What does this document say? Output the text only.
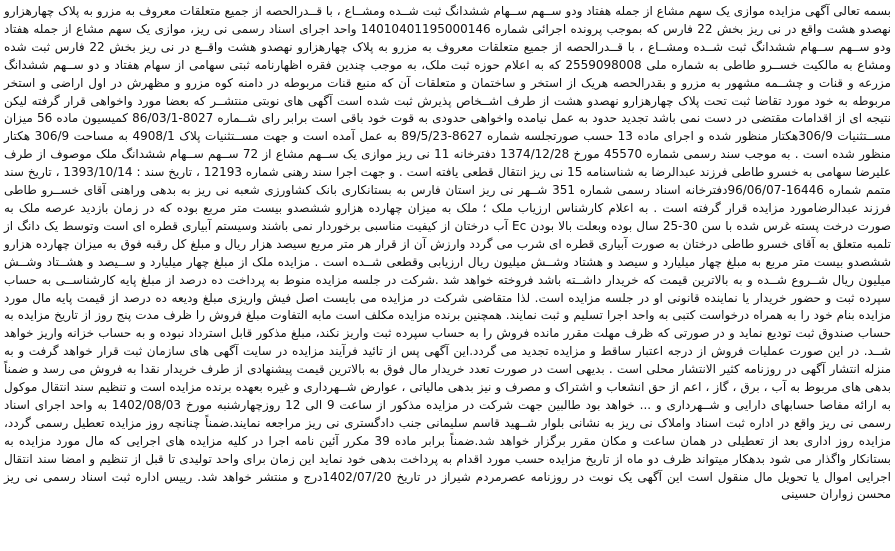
بسمه تعالی آگهی مزایده موازی یک سهم مشاع از جمله هفتاد ودو ســهم ســهام ششدانگ ثبت شــده ومشــاع ، با قــدرالحصه از جمیع متعلقات معروف به مزرو به پلاک چهارهزارو نهصدو هشت واقع در نی ریز بخش 22 فارس که بموجب پرونده اجرائی شماره 14010401195000146 واحد اجرای اسناد رسمی نی ریز، موازی یک سهم مشاع از جمله هفتاد ودو ســهم ســهام ششدانگ ثبت شــده ومشــاع ، با قــدرالحصه از جمیع متعلقات معروف به مزرو به پلاک چهارهزارو نهصدو هشت واقــع در نی ریز بخش 22 فارس ثبت شده ومشاع به مالکیت خســرو طاطی به شماره ملی 2559098008 که به اعلام حوزه ثبت ملک، به موجب چندین فقره اظهارنامه ثبتی سهامی از سهام هفتاد و دو ســهم ششدانگ مزرعه و قنات و چشــمه مشهور به مزرو و بقدرالحصه هریک از استخر و ساختمان و متعلقات آن که منبع قنات مربوطه در دامنه کوه مزرو و مظهرش در اول اراضی و استخر مربوطه به خود مورد تقاضا ثبت تحت پلاک چهارهزارو نهصدو هشت از طرف اشــخاص پذیرش ثبت شده است آگهی های نوبتی منتشــر که بعضا مورد واخواهی قرار گرفته لیکن نتیجه ای از اقدامات مقتضی در دست نمی باشد تجدید حدود به عمل نیامده واخواهی حدودی به قوت خود باقی است برابر رای شــماره 8027-86/03/1 کمیسیون ماده 56 میزان مســتثنیات 306/9هکتار منظور شده و اجرای ماده 13 حسب صورتجلسه شماره 8627-89/5/23 به عمل آمده است و جهت مســتثنیات پلاک 4908/1 به مساحت 306/9 هکتار منظور شده است . به موجب سند رسمی شماره 45570 مورخ 1374/12/28 دفترخانه 11 نی ریز موازی یک ســهم مشاع از 72 ســهم ســهام ششدانگ ملک موصوف از طرف علیرضا سهامی به خسرو طاطی فرزند عبدالرضا به شناسنامه 15 نی ریز انتقال قطعی یافته است . و جهت اجرا سند رهنی شماره 12193 ، تاریخ سند : 1393/10/14 ، تاریخ سند متمم شماره 16446-96/06/07دفترخانه اسناد رسمی شماره 351 شــهر نی ریز استان فارس به بستانکاری بانک کشاورزی شعبه نی ریز به بدهی وراهنی آقای خســرو طاطی فرزند عبدالرضامورد مزایده قرار گرفته است . به اعلام کارشناس ارزیاب ملک ؛ ملک به میزان چهارده هزارو ششصدو بیست متر مربع بوده که در زمان بازدید عرصه ملک به صورت درخت پسته غرس شده با سن 30-25 سال بوده وبعلت بالا بودن Ec آب درختان از کیفیت مناسبی برخوردار نمی باشند وسیستم آبیاری قطره ای است وتوسط یک دانگ از تلمبه متعلق به آقای خسرو طاطی درختان به صورت آبیاری قطره ای شرب می گردد وارزش آن از قرار هر متر مربع سیصد هزار ریال و مبلغ کل رقبه فوق به میزان چهارده هزارو ششصدو بیست متر مربع به مبلغ چهار میلیارد و سیصد و هشتاد وشــش میلیون ریال ارزیابی وقطعی شــده است . مزایده ملک از مبلغ چهار میلیارد و ســیصد و هشــتاد وشــش میلیون ریال شــروع شــده و به بالاترین قیمت که خریدار داشــته باشد فروخته خواهد شد .شرکت در جلسه مزایده منوط به پرداخت ده درصد از مبلغ پایه کارشناســی به حساب سپرده ثبت و حضور خریدار یا نماینده قانونی او در جلسه مزایده است. لذا متقاضی شرکت در مزایده می بایست اصل فیش واریزی مبلغ ودیعه ده درصد از قیمت پایه مال مورد مزایده بنام خود را به همراه درخواست کتبی به واحد اجرا تسلیم و ثبت نمایند. همچنین برنده مزایده مکلف است مابه التفاوت مبلغ فروش را ظرف مدت پنج روز از تاریخ مزایده به حساب صندوق ثبت تودیع نماید و در صورتی که ظرف مهلت مقرر مانده فروش را به حساب سپرده ثبت واریز نکند، مبلغ مذکور قابل استرداد نبوده و به حساب خزانه واریز خواهد شــد. در این صورت عملیات فروش از درجه اعتبار ساقط و مزایده تجدید می گردد.این آگهی پس از تائید فرآیند مزایده در سایت آگهی های سازمان ثبت قرار خواهد گرفت و به منزله انتشار آگهی در روزنامه کثیر الانتشار محلی است . بدیهی است در صورت تعدد خریدار مال فوق به بالاترین قیمت پیشنهادی از طرف خریدار نقدا به فروش می رسد و ضمناً بدهی های مربوط به آب ، برق ، گاز ، اعم از حق انشعاب و اشتراک و مصرف و نیز بدهی مالیاتی ، عوارض شــهرداری و غیره بعهده برنده مزایده است و تنظیم سند انتقال موکول به ارائه مفاصا حسابهای دارایی و شــهرداری و ... خواهد بود طالبین جهت شرکت در مزایده مذکور از ساعت 9 الی 12 روزچهارشنبه مورخ 1402/08/03 به واحد اجرای اسناد رسمی نی ریز واقع در اداره ثبت اسناد واملاک نی ریز به نشانی بلوار شــهید قاسم سلیمانی جنب دادگستری نی ریز مراجعه نمایند.ضمناً چنانچه روز مزایده تعطیل رسمی گردد، مزایده روز اداری بعد از تعطیلی در همان ساعت و مکان مقرر برگزار خواهد شد.ضمناً برابر ماده 39 مکرر آئین نامه اجرا در کلیه مزایده های اجرایی که مال مورد مزایده به بستانکار واگذار می شود بدهکار میتواند ظرف دو ماه از تاریخ مزایده حسب مورد اقدام به پرداخت بدهی خود نماید این زمان برای واحد تولیدی تا قبل از تنظیم و امضا سند انتقال اجرایی اموال یا تحویل مال منقول است این آگهی یک نوبت در روزنامه عصرمردم شیراز در تاریخ 1402/07/20درج و منتشر خواهد شد. رییس اداره ثبت اسناد رسمی نی ریز محسن زواران حسینی
